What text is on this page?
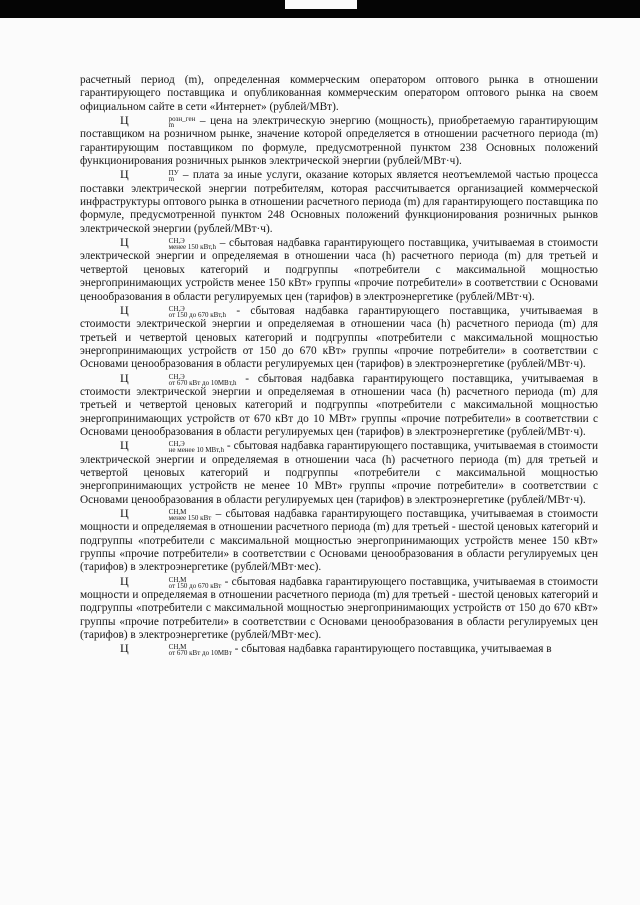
расчетный период (m), определенная коммерческим оператором оптового рынка в отношении гарантирующего поставщика и опубликованная коммерческим оператором оптового рынка на своем официальном сайте в сети «Интернет» (рублей/МВт).

Ц	розн_ген
m	– цена на электрическую энергию (мощность), приобретаемую гарантирующим поставщиком на розничном рынке, значение которой определяется в отношении расчетного периода (m) гарантирующим поставщиком по формуле, предусмотренной пунктом 238 Основных положений функционирования розничных рынков электрической энергии (рублей/МВт·ч).

Ц	ПУ
m – плата за иные услуги, оказание которых является неотъемлемой частью процесса поставки электрической энергии потребителям, которая рассчитывается организацией коммерческой инфраструктуры оптового рынка в отношении расчетного периода (m) для гарантирующего поставщика по формуле, предусмотренной пунктом 248 Основных положений функционирования розничных рынков электрической энергии (рублей/МВт·ч).

Ц	СН,Э
менее 150 кВт,h – сбытовая надбавка гарантирующего поставщика, учитываемая в стоимости электрической энергии и определяемая в отношении часа (h) расчетного периода (m) для третьей и четвертой ценовых категорий и подгруппы «потребители с максимальной мощностью энергопринимающих устройств менее 150 кВт» группы «прочие потребители» в соответствии с Основами ценообразования в области регулируемых цен (тарифов) в электроэнергетике (рублей/МВт·ч).

Ц	СН,Э
от 150 до 670 кВт,h - сбытовая надбавка гарантирующего поставщика, учитываемая в стоимости электрической энергии и определяемая в отношении часа (h) расчетного периода (m) для третьей и четвертой ценовых категорий и подгруппы «потребители с максимальной мощностью энергопринимающих устройств от 150 до 670 кВт» группы «прочие потребители» в соответствии с Основами ценообразования в области регулируемых цен (тарифов) в электроэнергетике (рублей/МВт·ч).

Ц	СН,Э
от 670 кВт до 10МВт,h - сбытовая надбавка гарантирующего поставщика, учитываемая в стоимости электрической энергии и определяемая в отношении часа (h) расчетного периода (m) для третьей и четвертой ценовых категорий и подгруппы «потребители с максимальной мощностью энергопринимающих устройств от 670 кВт до 10 МВт» группы «прочие потребители» в соответствии с Основами ценообразования в области регулируемых цен (тарифов) в электроэнергетике (рублей/МВт·ч).

Ц	СН,Э
не менее 10 МВт,h - сбытовая надбавка гарантирующего поставщика, учитываемая в стоимости электрической энергии и определяемая в отношении часа (h) расчетного периода (m) для третьей и четвертой ценовых категорий и подгруппы «потребители с максимальной мощностью энергопринимающих устройств не менее 10 МВт» группы «прочие потребители» в соответствии с Основами ценообразования в области регулируемых цен (тарифов) в электроэнергетике (рублей/МВт·ч).

Ц	СН,М
менее 150 кВт – сбытовая надбавка гарантирующего поставщика, учитываемая в стоимости мощности и определяемая в отношении расчетного периода (m) для третьей - шестой ценовых категорий и подгруппы «потребители с максимальной мощностью энергопринимающих устройств менее 150 кВт» группы «прочие потребители» в соответствии с Основами ценообразования в области регулируемых цен (тарифов) в электроэнергетике (рублей/МВт·мес).

Ц	СН,М
от 150 до 670 кВт - сбытовая надбавка гарантирующего поставщика, учитываемая в стоимости мощности и определяемая в отношении расчетного периода (m) для третьей - шестой ценовых категорий и подгруппы «потребители с максимальной мощностью энергопринимающих устройств от 150 до 670 кВт» группы «прочие потребители» в соответствии с Основами ценообразования в области регулируемых цен (тарифов) в электроэнергетике (рублей/МВт·мес).

Ц	СН,М
от 670 кВт до 10МВт - сбытовая надбавка гарантирующего поставщика, учитываемая в
